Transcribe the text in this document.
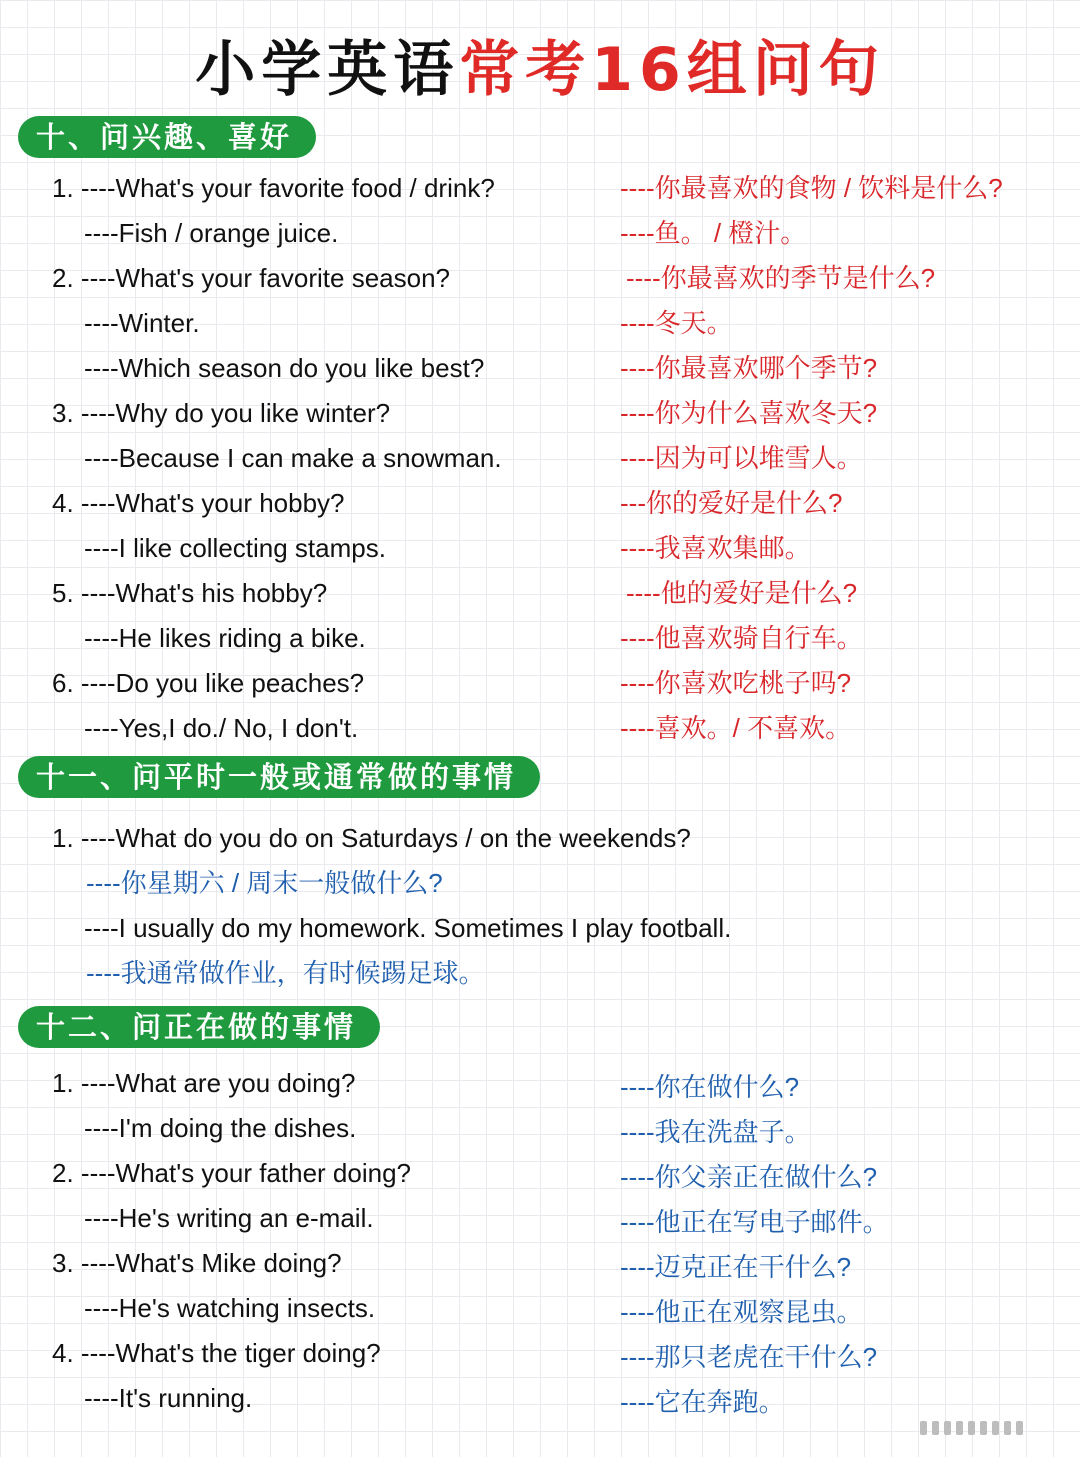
小学英语常考16组问句
十、问兴趣、喜好
1. ----What's your favorite food / drink?
----Fish / orange juice.
2. ----What's your favorite season?
----Winter.
----Which season do you like best?
3. ----Why do you like winter?
----Because I can make a snowman.
4. ----What's your hobby?
----I like collecting stamps.
5. ----What's his hobby?
----He likes riding a bike.
6. ----Do you like peaches?
----Yes,I do./ No, I don't.
----你最喜欢的食物 / 饮料是什么?
----鱼。 / 橙汁。
----你最喜欢的季节是什么?
----冬天。
----你最喜欢哪个季节?
----你为什么喜欢冬天?
----因为可以堆雪人。
---你的爱好是什么?
----我喜欢集邮。
----他的爱好是什么?
----他喜欢骑自行车。
----你喜欢吃桃子吗?
----喜欢。/ 不喜欢。
十一、问平时一般或通常做的事情
1. ----What do you do on Saturdays / on the weekends?
----你星期六 / 周末一般做什么?
----I usually do my homework. Sometimes I play football.
----我通常做作业，有时候踢足球。
十二、问正在做的事情
1. ----What are you doing?
----I'm doing the dishes.
2. ----What's your father doing?
----He's writing an e-mail.
3. ----What's Mike doing?
----He's watching insects.
4. ----What's the tiger doing?
----It's running.
----你在做什么?
----我在洗盘子。
----你父亲正在做什么?
----他正在写电子邮件。
----迈克正在干什么?
----他正在观察昆虫。
----那只老虎在干什么?
----它在奔跑。
